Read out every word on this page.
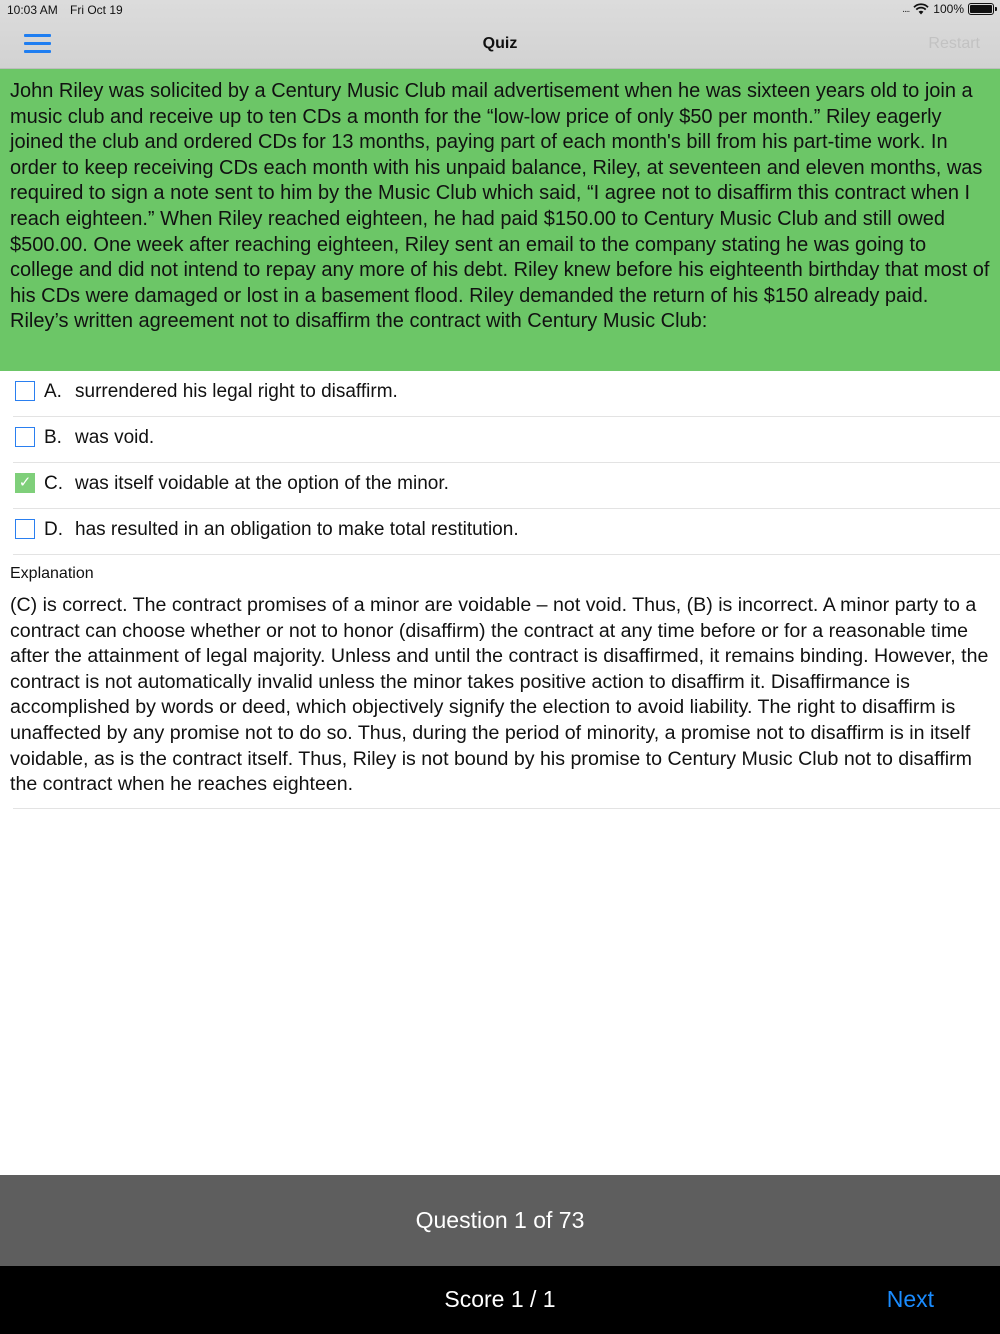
10:03 AM Fri Oct 19	.... 100%
Quiz	Restart
John Riley was solicited by a Century Music Club mail advertisement when he was sixteen years old to join a music club and receive up to ten CDs a month for the “low-low price of only $50 per month.” Riley eagerly joined the club and ordered CDs for 13 months, paying part of each month's bill from his part-time work. In order to keep receiving CDs each month with his unpaid balance, Riley, at seventeen and eleven months, was required to sign a note sent to him by the Music Club which said, “I agree not to disaffirm this contract when I reach eighteen.” When Riley reached eighteen, he had paid $150.00 to Century Music Club and still owed $500.00. One week after reaching eighteen, Riley sent an email to the company stating he was going to college and did not intend to repay any more of his debt. Riley knew before his eighteenth birthday that most of his CDs were damaged or lost in a basement flood. Riley demanded the return of his $150 already paid. Riley’s written agreement not to disaffirm the contract with Century Music Club:
A. surrendered his legal right to disaffirm.
B. was void.
✓ C. was itself voidable at the option of the minor.
D. has resulted in an obligation to make total restitution.
Explanation
(C) is correct. The contract promises of a minor are voidable – not void. Thus, (B) is incorrect. A minor party to a contract can choose whether or not to honor (disaffirm) the contract at any time before or for a reasonable time after the attainment of legal majority. Unless and until the contract is disaffirmed, it remains binding. However, the contract is not automatically invalid unless the minor takes positive action to disaffirm it. Disaffirmance is accomplished by words or deed, which objectively signify the election to avoid liability. The right to disaffirm is unaffected by any promise not to do so. Thus, during the period of minority, a promise not to disaffirm is in itself voidable, as is the contract itself. Thus, Riley is not bound by his promise to Century Music Club not to disaffirm the contract when he reaches eighteen.
Question 1 of 73
Score 1 / 1	Next
